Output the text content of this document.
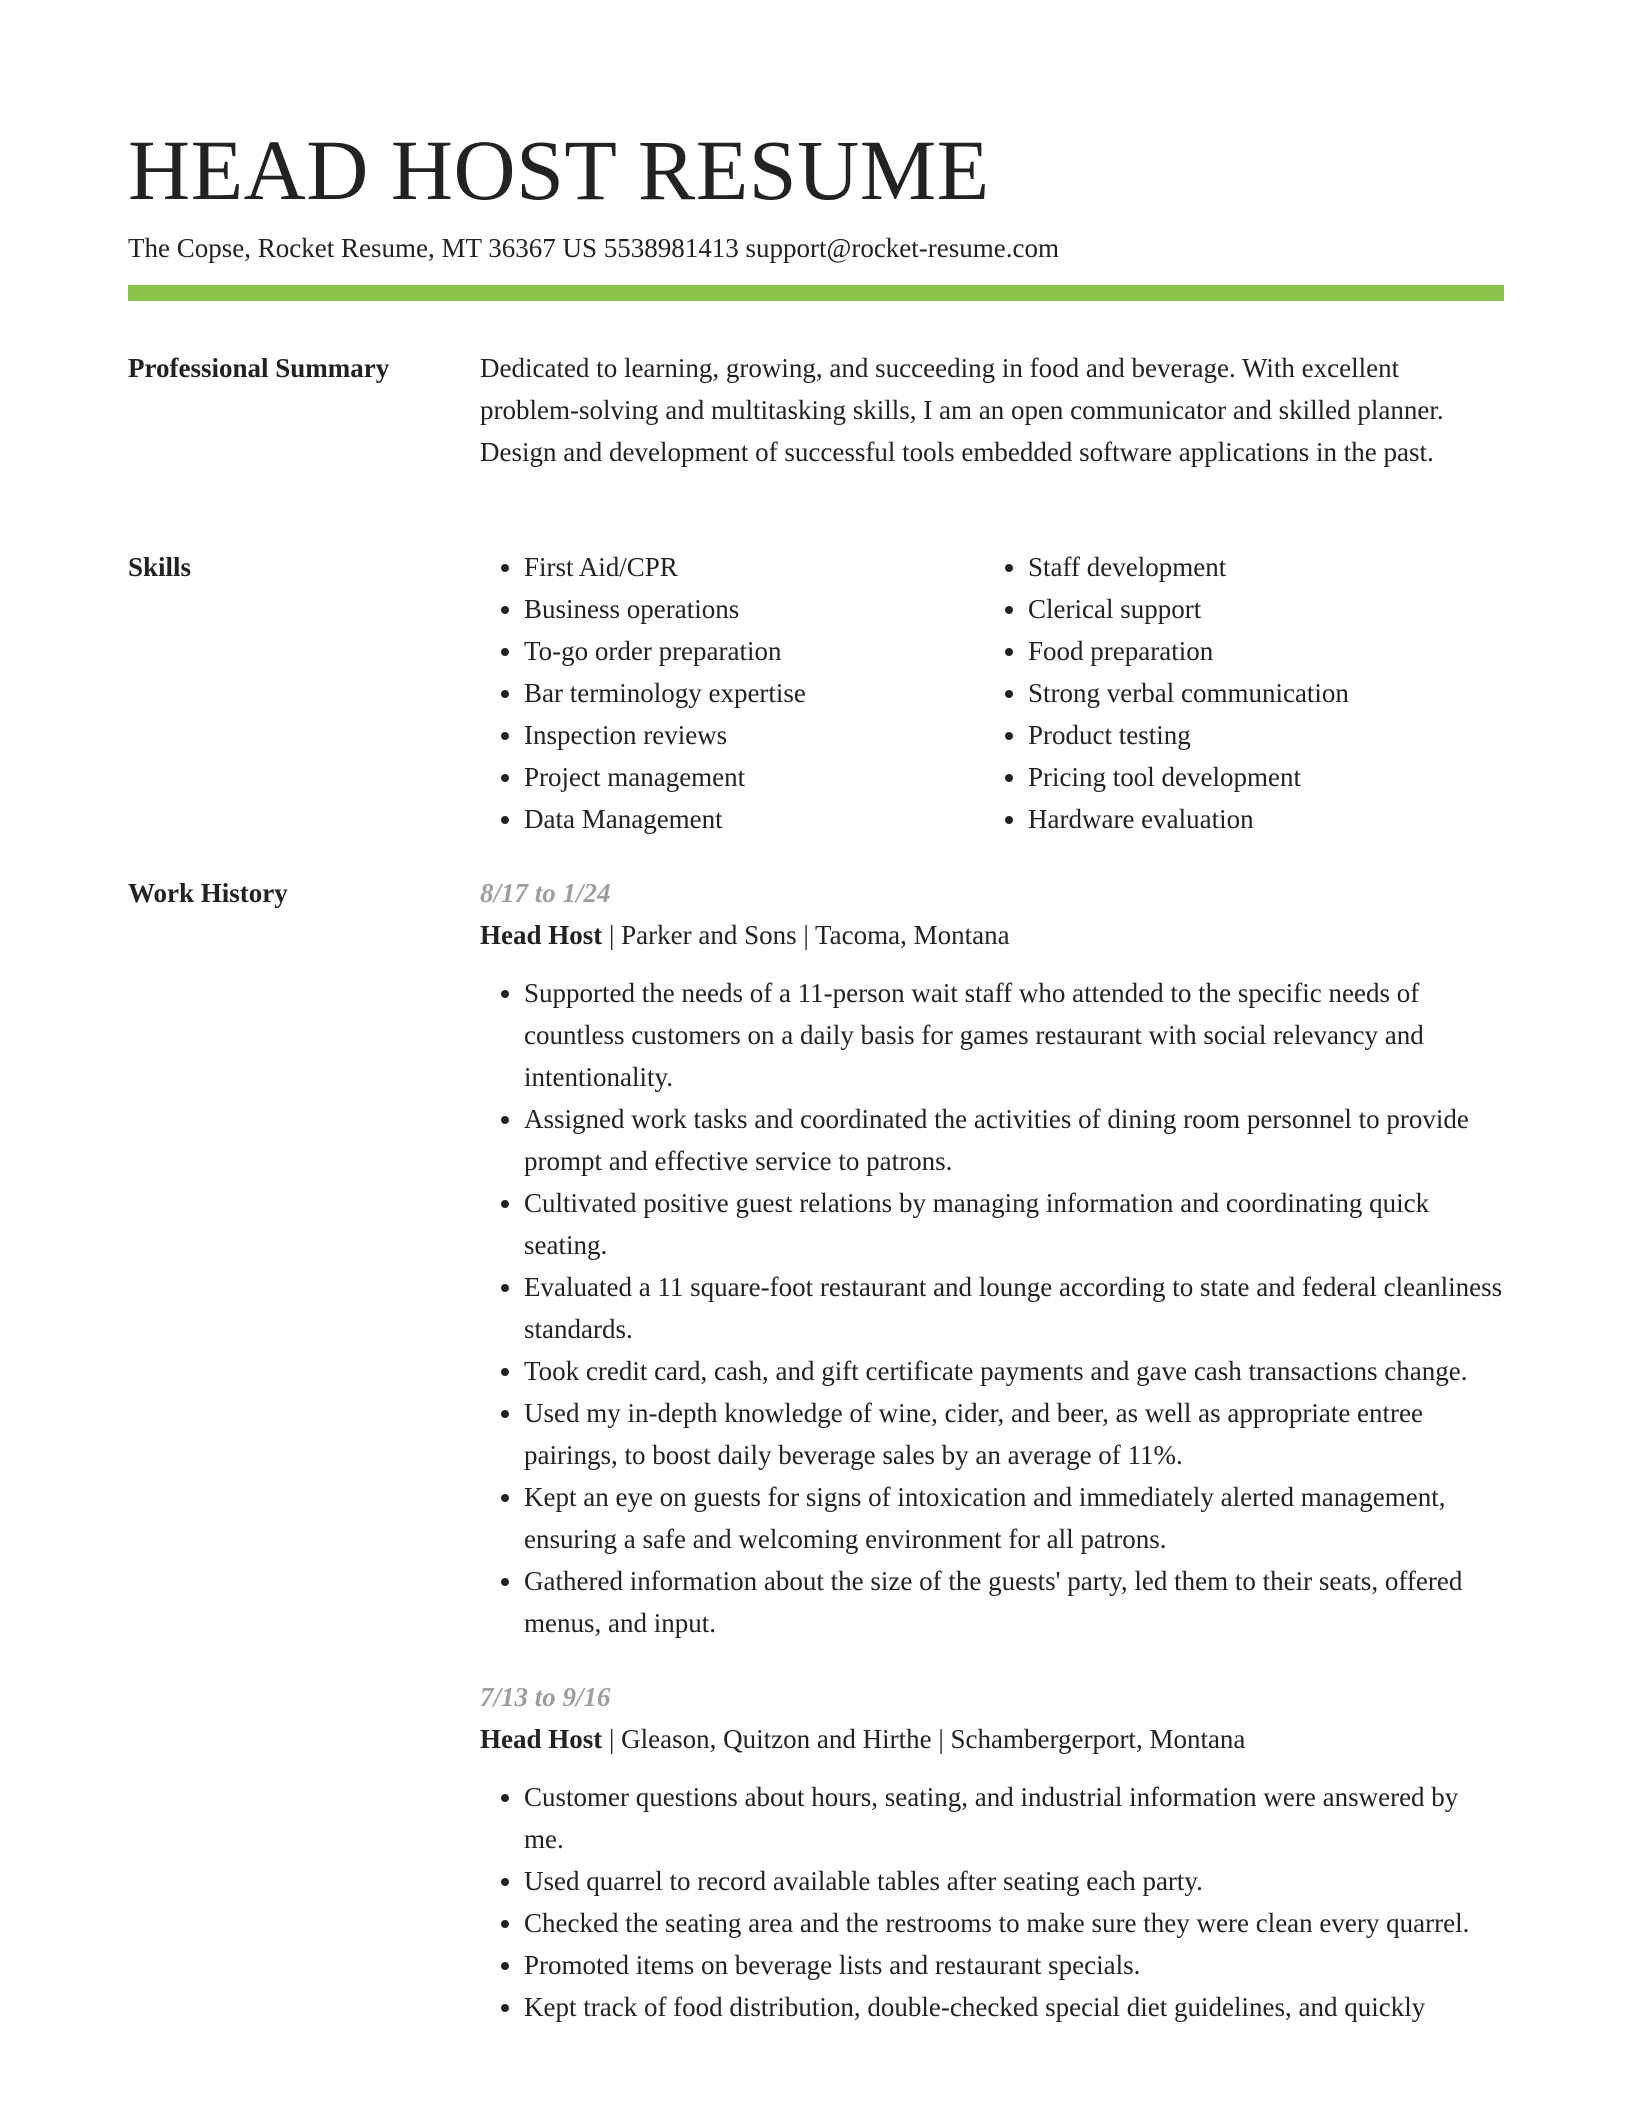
HEAD HOST RESUME
The Copse, Rocket Resume, MT 36367 US 5538981413 support@rocket-resume.com
Professional Summary	Dedicated to learning, growing, and succeeding in food and beverage. With excellent problem-solving and multitasking skills, I am an open communicator and skilled planner. Design and development of successful tools embedded software applications in the past.

Skills
•	First Aid/CPR
• Business operations
• To-go order preparation
• Bar terminology expertise
• Inspection reviews
• Project management
• Data Management
• Staff development
• Clerical support
• Food preparation
• Strong verbal communication
• Product testing
• Pricing tool development
• Hardware evaluation
Work History	8/17 to 1/24
Head Host | Parker and Sons | Tacoma, Montana
• Supported the needs of a 11-person wait staff who attended to the specific needs of countless customers on a daily basis for games restaurant with social relevancy and intentionality.
• Assigned work tasks and coordinated the activities of dining room personnel to provide prompt and effective service to patrons.
• Cultivated positive guest relations by managing information and coordinating quick seating.
• Evaluated a 11 square-foot restaurant and lounge according to state and federal cleanliness standards.
• Took credit card, cash, and gift certificate payments and gave cash transactions change.
• Used my in-depth knowledge of wine, cider, and beer, as well as appropriate entree pairings, to boost daily beverage sales by an average of 11%.
• Kept an eye on guests for signs of intoxication and immediately alerted management, ensuring a safe and welcoming environment for all patrons.
• Gathered information about the size of the guests' party, led them to their seats, offered menus, and input.
7/13 to 9/16
Head Host | Gleason, Quitzon and Hirthe | Schambergerport, Montana
• Customer questions about hours, seating, and industrial information were answered by me.
• Used quarrel to record available tables after seating each party.
• Checked the seating area and the restrooms to make sure they were clean every quarrel.
• Promoted items on beverage lists and restaurant specials.
• Kept track of food distribution, double-checked special diet guidelines, and quickly
